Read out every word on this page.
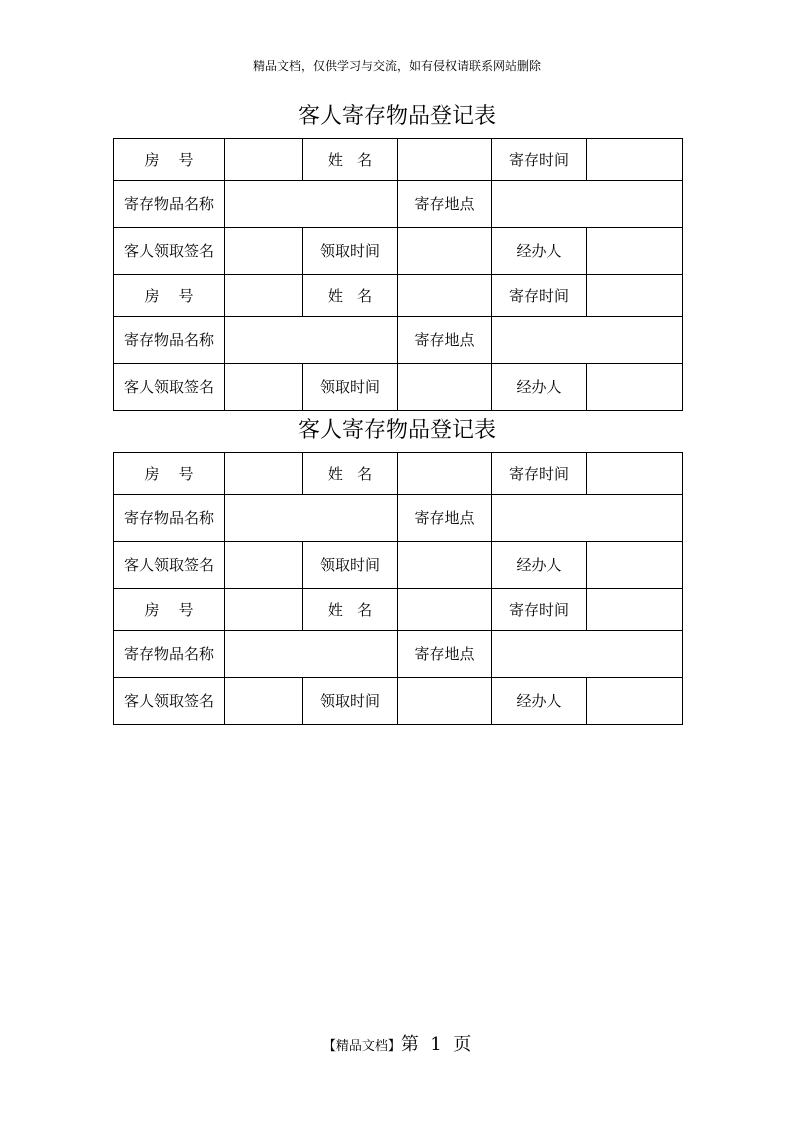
精品文档，仅供学习与交流，如有侵权请联系网站删除
客人寄存物品登记表
房    号		姓   名		寄存时间	
寄存物品名称			寄存地点		
客人领取签名		领取时间		经办人	
房    号		姓   名		寄存时间	
寄存物品名称			寄存地点		
客人领取签名		领取时间		经办人	
客人寄存物品登记表
房    号		姓   名		寄存时间	
寄存物品名称			寄存地点		
客人领取签名		领取时间		经办人	
房    号		姓   名		寄存时间	
寄存物品名称			寄存地点		
客人领取签名		领取时间		经办人	
【精品文档】第 1 页
